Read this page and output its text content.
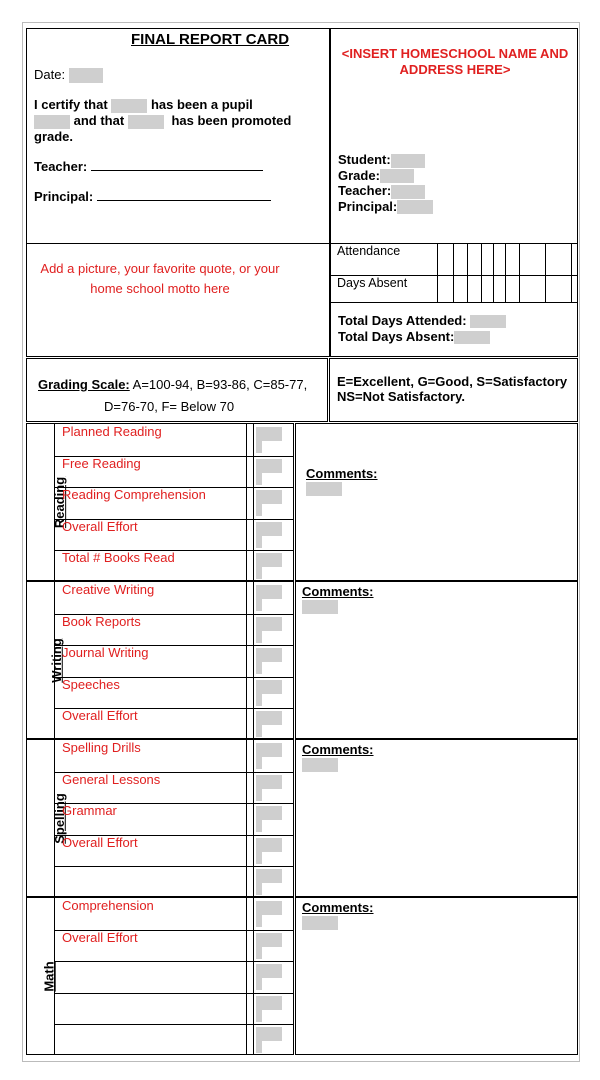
FINAL REPORT CARD
Date:
I certify that	has been a pupil
and that	has been promoted
grade.
Teacher:
Principal:
<INSERT HOMESCHOOL NAME AND ADDRESS HERE>
Student:
Grade:
Teacher:
Principal:
Add a picture, your favorite quote, or your
home school motto here
Attendance
Days Absent
Total Days Attended:
Total Days Absent:
Grading Scale: A=100-94, B=93-86, C=85-77,
D=76-70, F= Below 70
E=Excellent, G=Good, S=Satisfactory
NS=Not Satisfactory.
Reading
Planned Reading
Free Reading
Reading Comprehension
Overall Effort
Total # Books Read
Comments:
Writing
Creative Writing
Book Reports
Journal Writing
Speeches
Overall Effort
Comments:
Spelling
Spelling Drills
General Lessons
Grammar
Overall Effort
Comments:
Math
Comprehension
Overall Effort
Comments:
